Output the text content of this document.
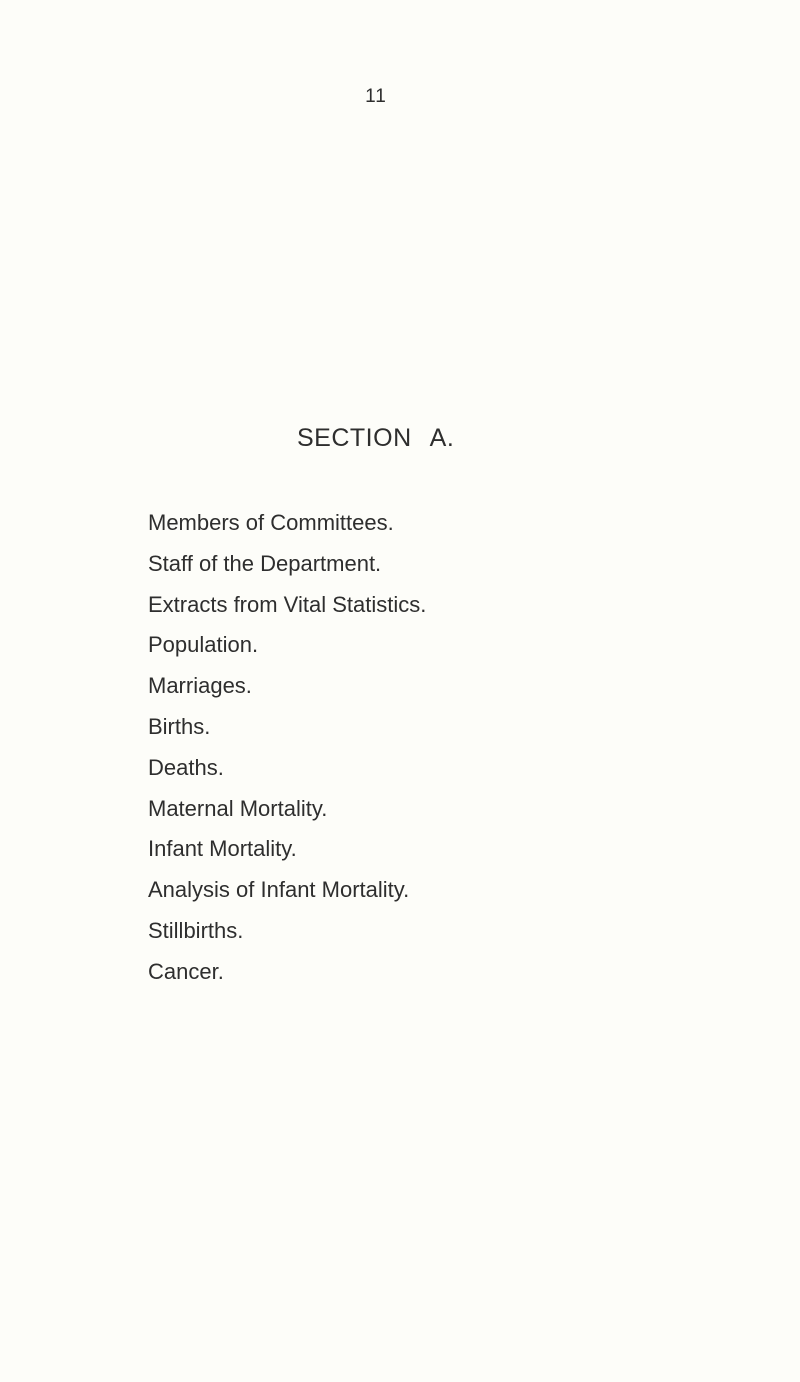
11
SECTION A.
Members of Committees.
Staff of the Department.
Extracts from Vital Statistics.
Population.
Marriages.
Births.
Deaths.
Maternal Mortality.
Infant Mortality.
Analysis of Infant Mortality.
Stillbirths.
Cancer.
